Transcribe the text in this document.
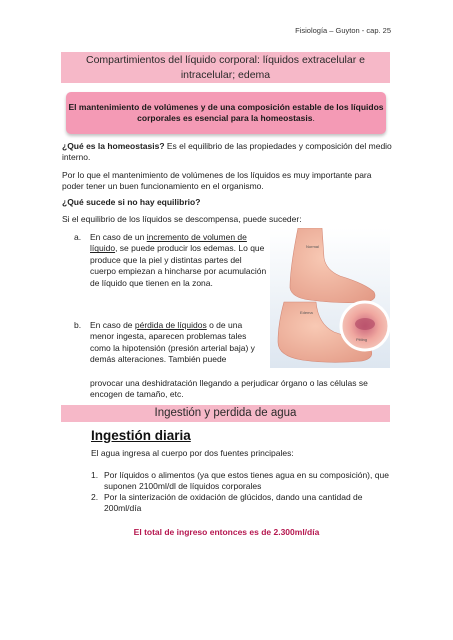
Fisiología – Guyton - cap. 25
Compartimientos del líquido corporal: líquidos extracelular e intracelular; edema
El mantenimiento de volúmenes y de una composición estable de los líquidos corporales es esencial para la homeostasis.
¿Qué es la homeostasis? Es el equilibrio de las propiedades y composición del medio interno.
Por lo que el mantenimiento de volúmenes de los líquidos es muy importante para poder tener un buen funcionamiento en el organismo.
¿Qué sucede si no hay equilibrio?
Si el equilibrio de los líquidos se descompensa, puede suceder:
a. En caso de un incremento de volumen de líquido, se puede producir los edemas. Lo que produce que la piel y distintas partes del cuerpo empiezan a hincharse por acumulación de líquido que tienen en la zona.
b. En caso de pérdida de líquidos o de una menor ingesta, aparecen problemas tales como la hipotensión (presión arterial baja) y demás alteraciones. También puede
provocar una deshidratación llegando a perjudicar órgano o las células se encogen de tamaño, etc.
Normal
Edema
Pitting
Ingestión y perdida de agua
Ingestión diaria
El agua ingresa al cuerpo por dos fuentes principales:
1. Por líquidos o alimentos (ya que estos tienes agua en su composición), que suponen 2100ml/dl de líquidos corporales
2. Por la sinterización de oxidación de glúcidos, dando una cantidad de 200ml/día
El total de ingreso entonces es de 2.300ml/día
